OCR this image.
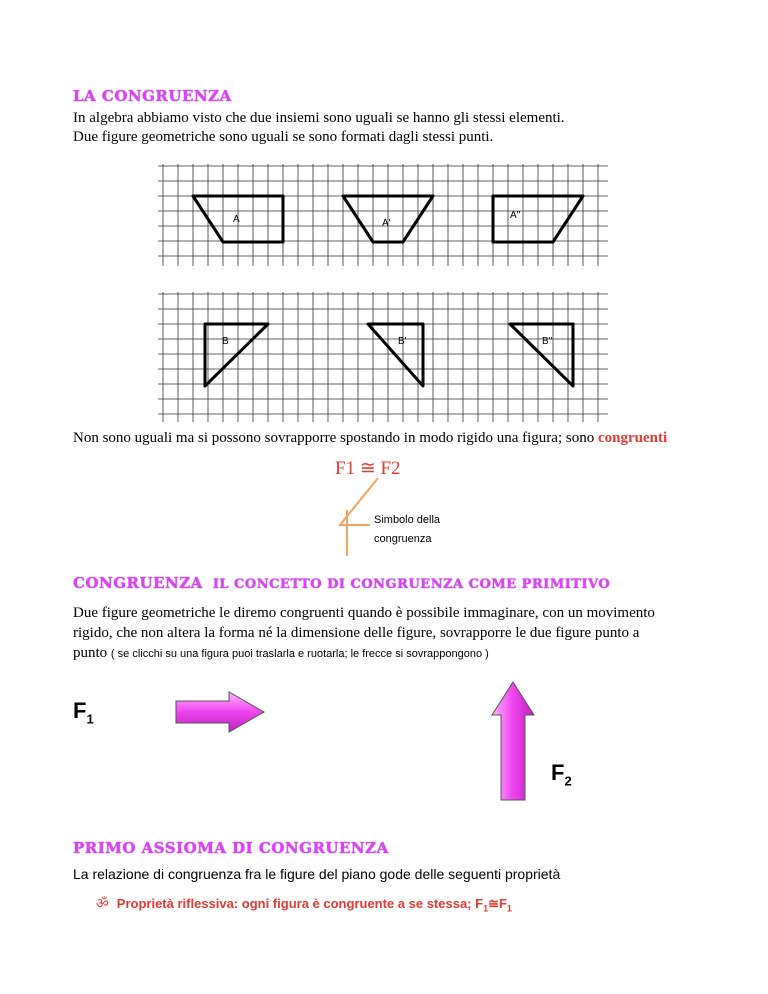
LA CONGRUENZA
In algebra abbiamo visto che due insiemi sono uguali se hanno gli stessi elementi.
Due figure geometriche sono uguali se sono formati dagli stessi punti.
A	A'
A''
B	B'	B''
Non sono uguali ma si possono sovrapporre spostando in modo rigido una figura; sono congruenti
F1 ≅ F2
Simbolo della
congruenza
CONGRUENZA IL CONCETTO DI CONGRUENZA COME PRIMITIVO
Due figure geometriche le diremo congruenti quando è possibile immaginare, con un movimento
rigido, che non altera la forma né la dimensione delle figure, sovrapporre le due figure punto a
punto ( se clicchi su una figura puoi traslarla e ruotarla; le frecce si sovrappongono )
$F_1$
$F_2$
PRIMO ASSIOMA DI CONGRUENZA
La relazione di congruenza fra le figure del piano gode delle seguenti proprietà
ॐ Proprietà riflessiva: ogni figura è congruente a se stessa; $F_1≅F_1$
